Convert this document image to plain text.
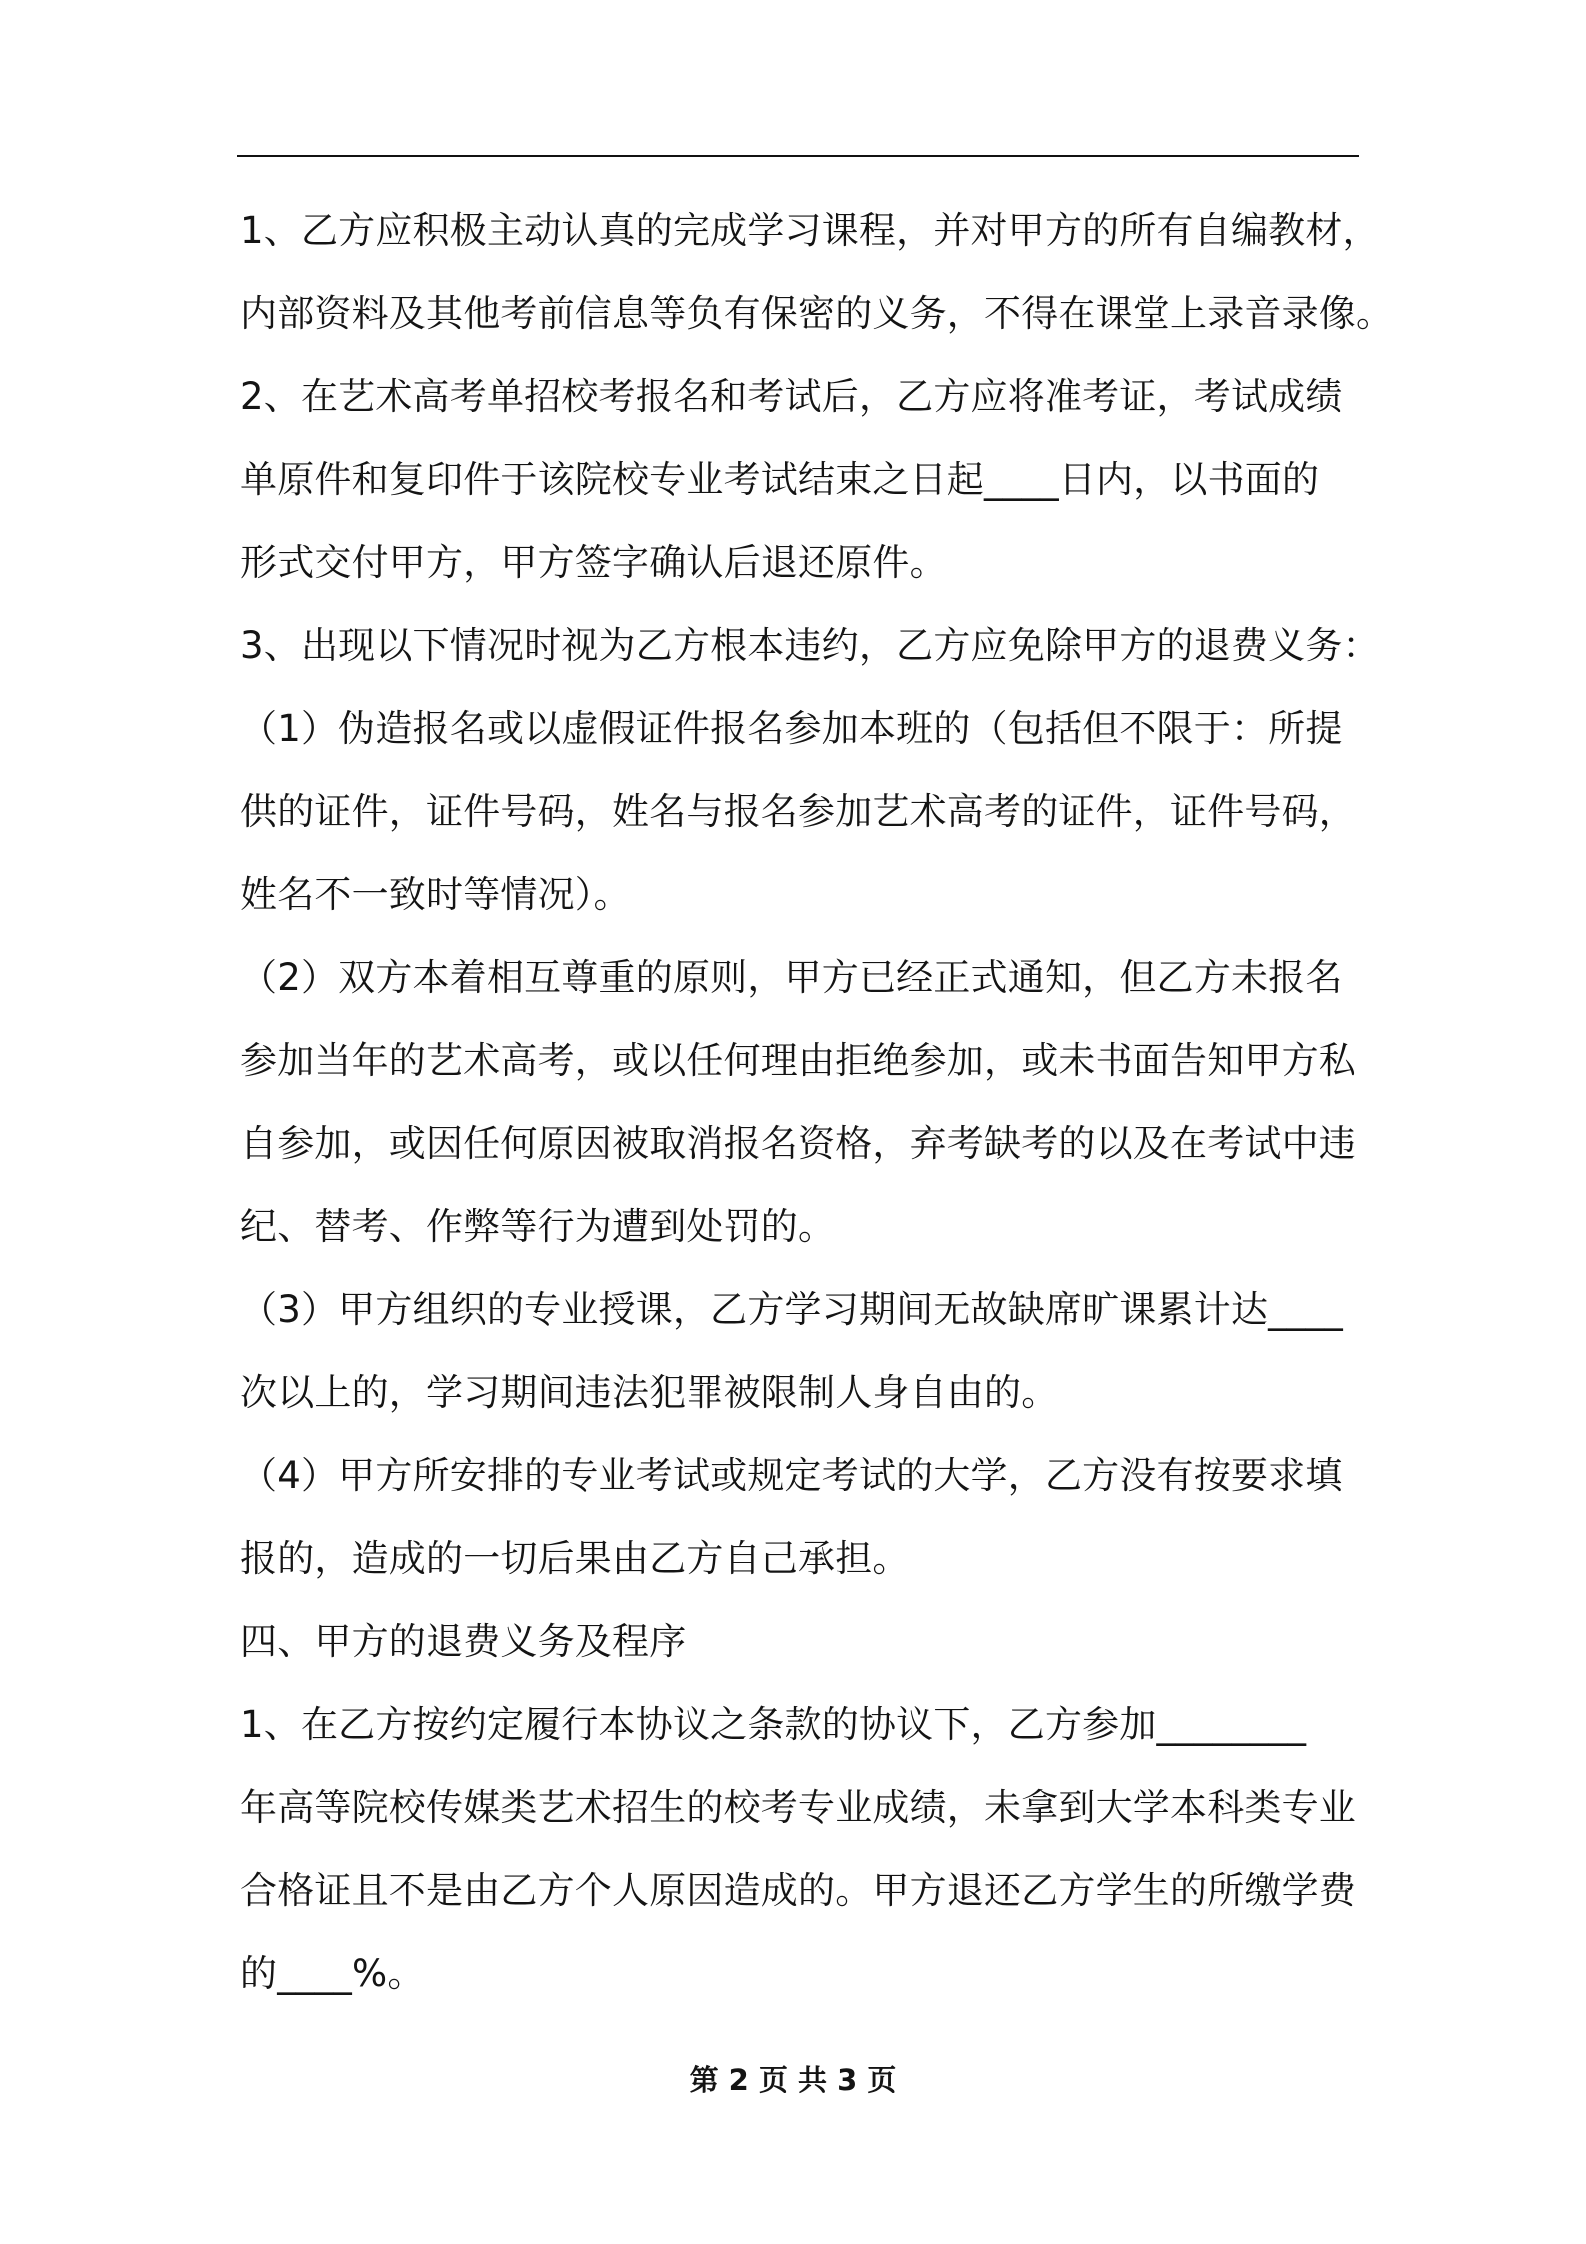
1、乙方应积极主动认真的完成学习课程，并对甲方的所有自编教材，
内部资料及其他考前信息等负有保密的义务，不得在课堂上录音录像。
2、在艺术高考单招校考报名和考试后，乙方应将准考证，考试成绩
单原件和复印件于该院校专业考试结束之日起____日内，以书面的
形式交付甲方，甲方签字确认后退还原件。
3、出现以下情况时视为乙方根本违约，乙方应免除甲方的退费义务：
（1）伪造报名或以虚假证件报名参加本班的（包括但不限于：所提
供的证件，证件号码，姓名与报名参加艺术高考的证件，证件号码，
姓名不一致时等情况）。
（2）双方本着相互尊重的原则，甲方已经正式通知，但乙方未报名
参加当年的艺术高考，或以任何理由拒绝参加，或未书面告知甲方私
自参加，或因任何原因被取消报名资格，弃考缺考的以及在考试中违
纪、替考、作弊等行为遭到处罚的。
（3）甲方组织的专业授课，乙方学习期间无故缺席旷课累计达____
次以上的，学习期间违法犯罪被限制人身自由的。
（4）甲方所安排的专业考试或规定考试的大学，乙方没有按要求填
报的，造成的一切后果由乙方自己承担。
四、甲方的退费义务及程序
1、在乙方按约定履行本协议之条款的协议下，乙方参加________
年高等院校传媒类艺术招生的校考专业成绩，未拿到大学本科类专业
合格证且不是由乙方个人原因造成的。甲方退还乙方学生的所缴学费
的____%。
第 2 页 共 3 页
